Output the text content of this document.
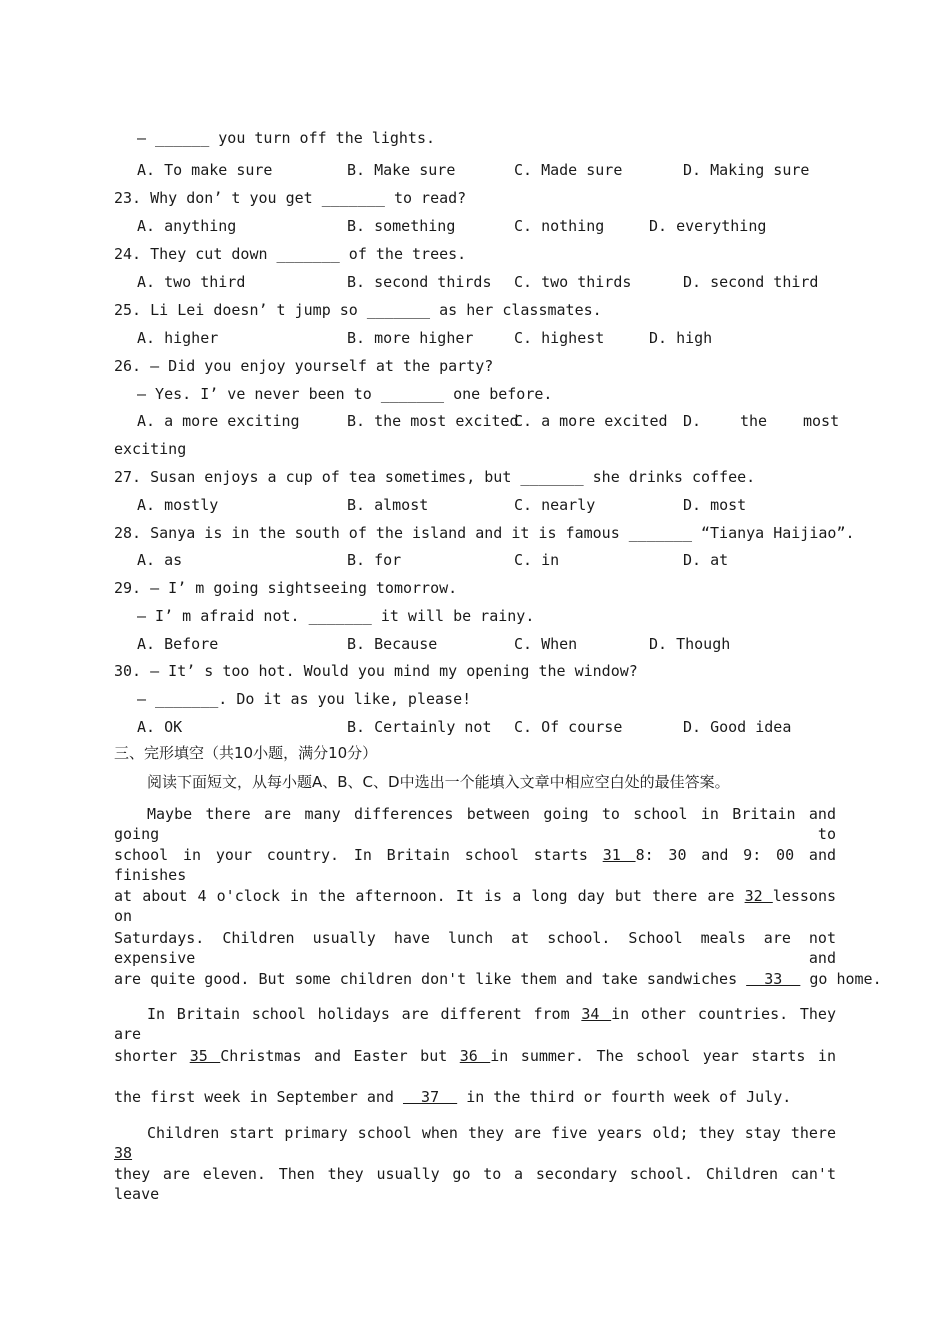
— ______ you turn off the lights.
A. To make sure	B. Make sure	C. Made sure	D. Making sure
23. Why don’ t you get _______ to read?
A. anything	B. something	C. nothing	D. everything
24. They cut down _______ of the trees.
A. two third	B. second thirds C. two thirds	D. second third
25. Li Lei doesn’ t jump so _______ as her classmates.
A. higher	B. more higher	C. highest	D. high
26. — Did you enjoy yourself at the party?
— Yes. I’ ve never been to _______ one before.
A. a more exciting	B. the most excited
C. a more excited D.	the most
exciting
27. Susan enjoys a cup of tea sometimes, but _______ she drinks coffee.
A. mostly	B. almost	C. nearly	D. most
28. Sanya is in the south of the island and it is famous _______ “Tianya Haijiao”.
A. as	B. for	C. in	D. at
29. — I’ m going sightseeing tomorrow.
— I’ m afraid not. _______ it will be rainy.
A. Before	B. Because	C. When	D. Though
30. — It’ s too hot. Would you mind my opening the window?
— _______. Do it as you like, please!
A. OK	B. Certainly not C. Of course	D. Good idea
三、完形填空（共10小题，满分10分）
阅读下面短文，从每小题A、B、C、D中选出一个能填入文章中相应空白处的最佳答案。
Maybe there are many differences between going to school in Britain and going to
school in your country. In Britain school starts 31 8: 30 and 9: 00 and finishes
at about 4 o'clock in the afternoon. It is a long day but there are 32 lessons on
Saturdays. Children usually have lunch at school. School meals are not expensive and
are quite good. But some children don't like them and take sandwiches   33   go home.
In Britain school holidays are different from 34 in other countries. They are
shorter 35 Christmas and Easter but 36 in summer. The school year starts in
the first week in September and   37   in the third or fourth week of July.
Children start primary school when they are five years old; they stay there 38
they are eleven. Then they usually go to a secondary school. Children can't leave
